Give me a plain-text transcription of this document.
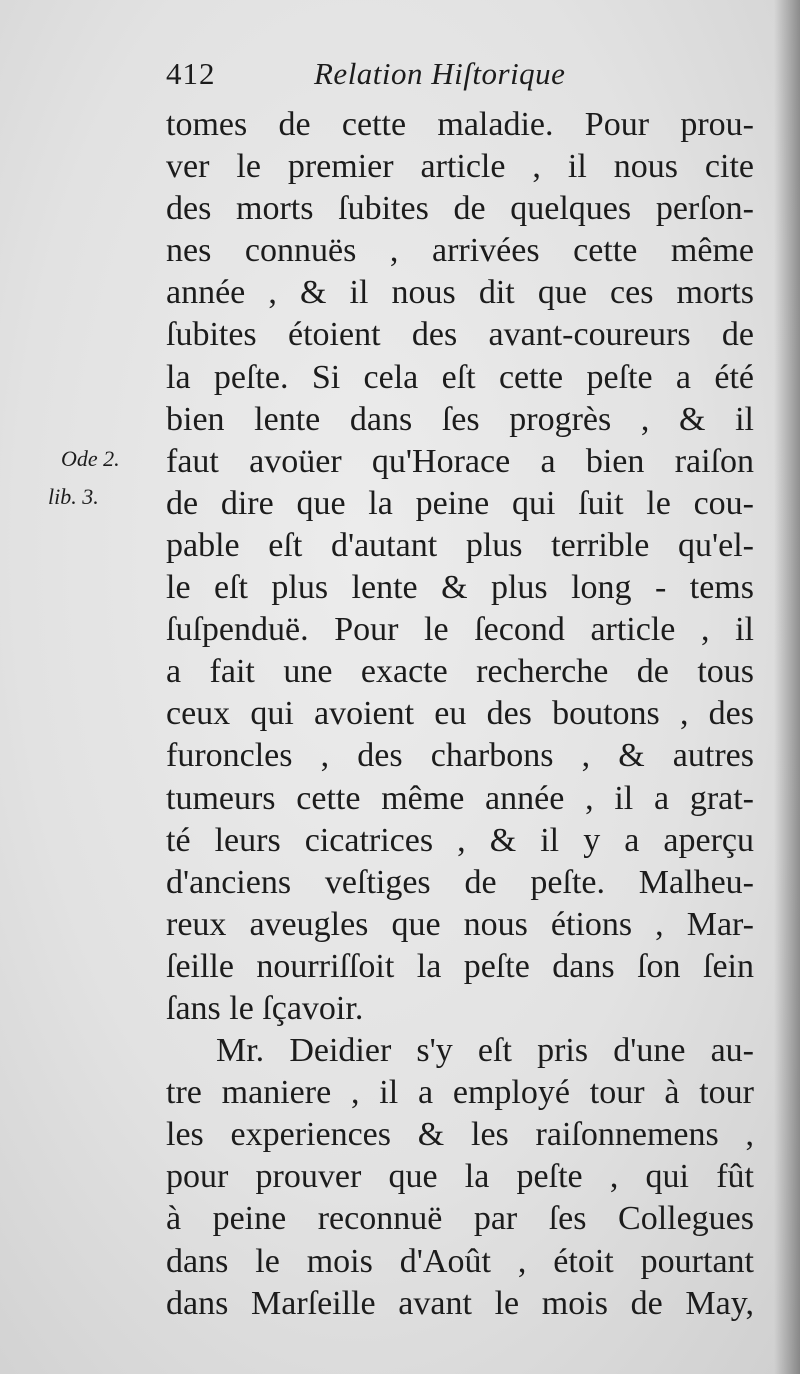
412	Relation Hiſtorique
Ode 2.
lib. 3.
tomes de cette maladie. Pour prou-
ver le premier article , il nous cite
des morts ſubites de quelques perſon-
nes connuës , arrivées cette même
année , & il nous dit que ces morts
ſubites étoient des avant-coureurs de
la peſte. Si cela eſt cette peſte a été
bien lente dans ſes progrès , & il
faut avoüer qu'Horace a bien raiſon
de dire que la peine qui ſuit le cou-
pable eſt d'autant plus terrible qu'el-
le eſt plus lente & plus long - tems
ſuſpenduë. Pour le ſecond article , il
a fait une exacte recherche de tous
ceux qui avoient eu des boutons , des
furoncles , des charbons , & autres
tumeurs cette même année , il a grat-
té leurs cicatrices , & il y a aperçu
d'anciens veſtiges de peſte. Malheu-
reux aveugles que nous étions , Mar-
ſeille nourriſſoit la peſte dans ſon ſein
ſans le ſçavoir.
Mr. Deidier s'y eſt pris d'une au-
tre maniere , il a employé tour à tour
les experiences & les raiſonnemens ,
pour prouver que la peſte , qui fût
à peine reconnuë par ſes Collegues
dans le mois d'Août , étoit pourtant
dans Marſeille avant le mois de May,
